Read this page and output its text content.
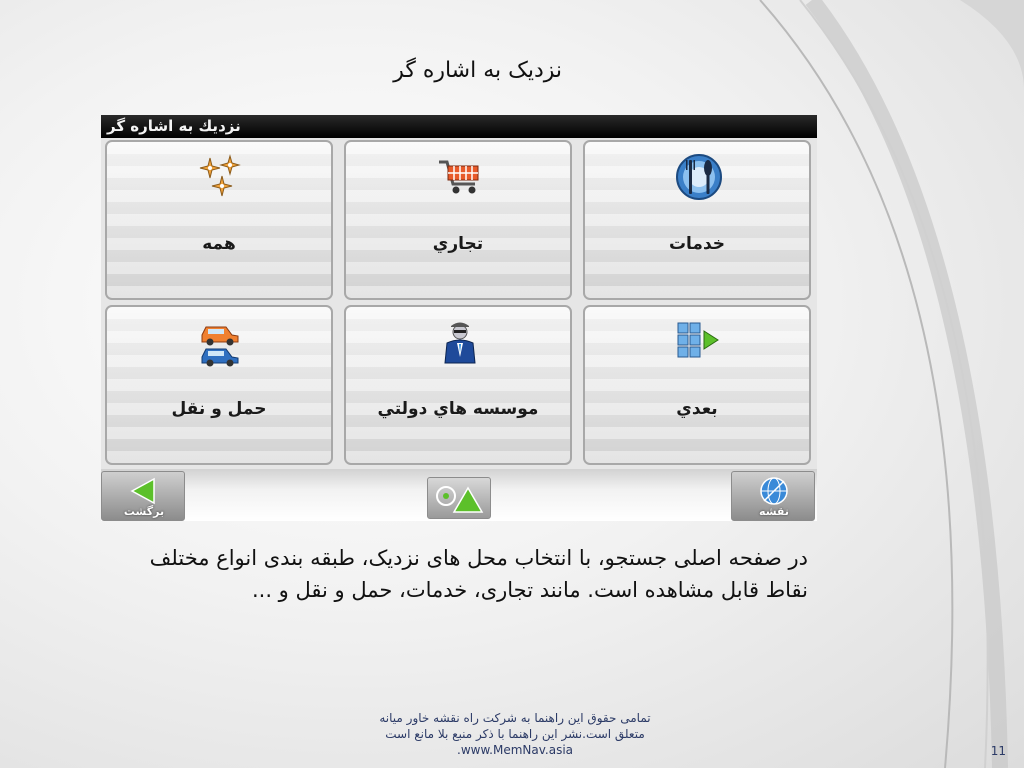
نزدیک به اشاره گر
نزديك به اشاره گر
همه	تجاري	خدمات
حمل و نقل	موسسه هاي دولتي	بعدي
برگشت	نقشه
در صفحه اصلی جستجو، با انتخاب محل های نزدیک، طبقه بندی انواع مختلف نقاط قابل مشاهده است. مانند تجاری، خدمات، حمل و نقل و ...
تمامی حقوق این راهنما به شرکت راه نقشه خاور میانه
متعلق است.نشر این راهنما با ذکر منبع بلا مانع است
www.MemNav.asia.	11
